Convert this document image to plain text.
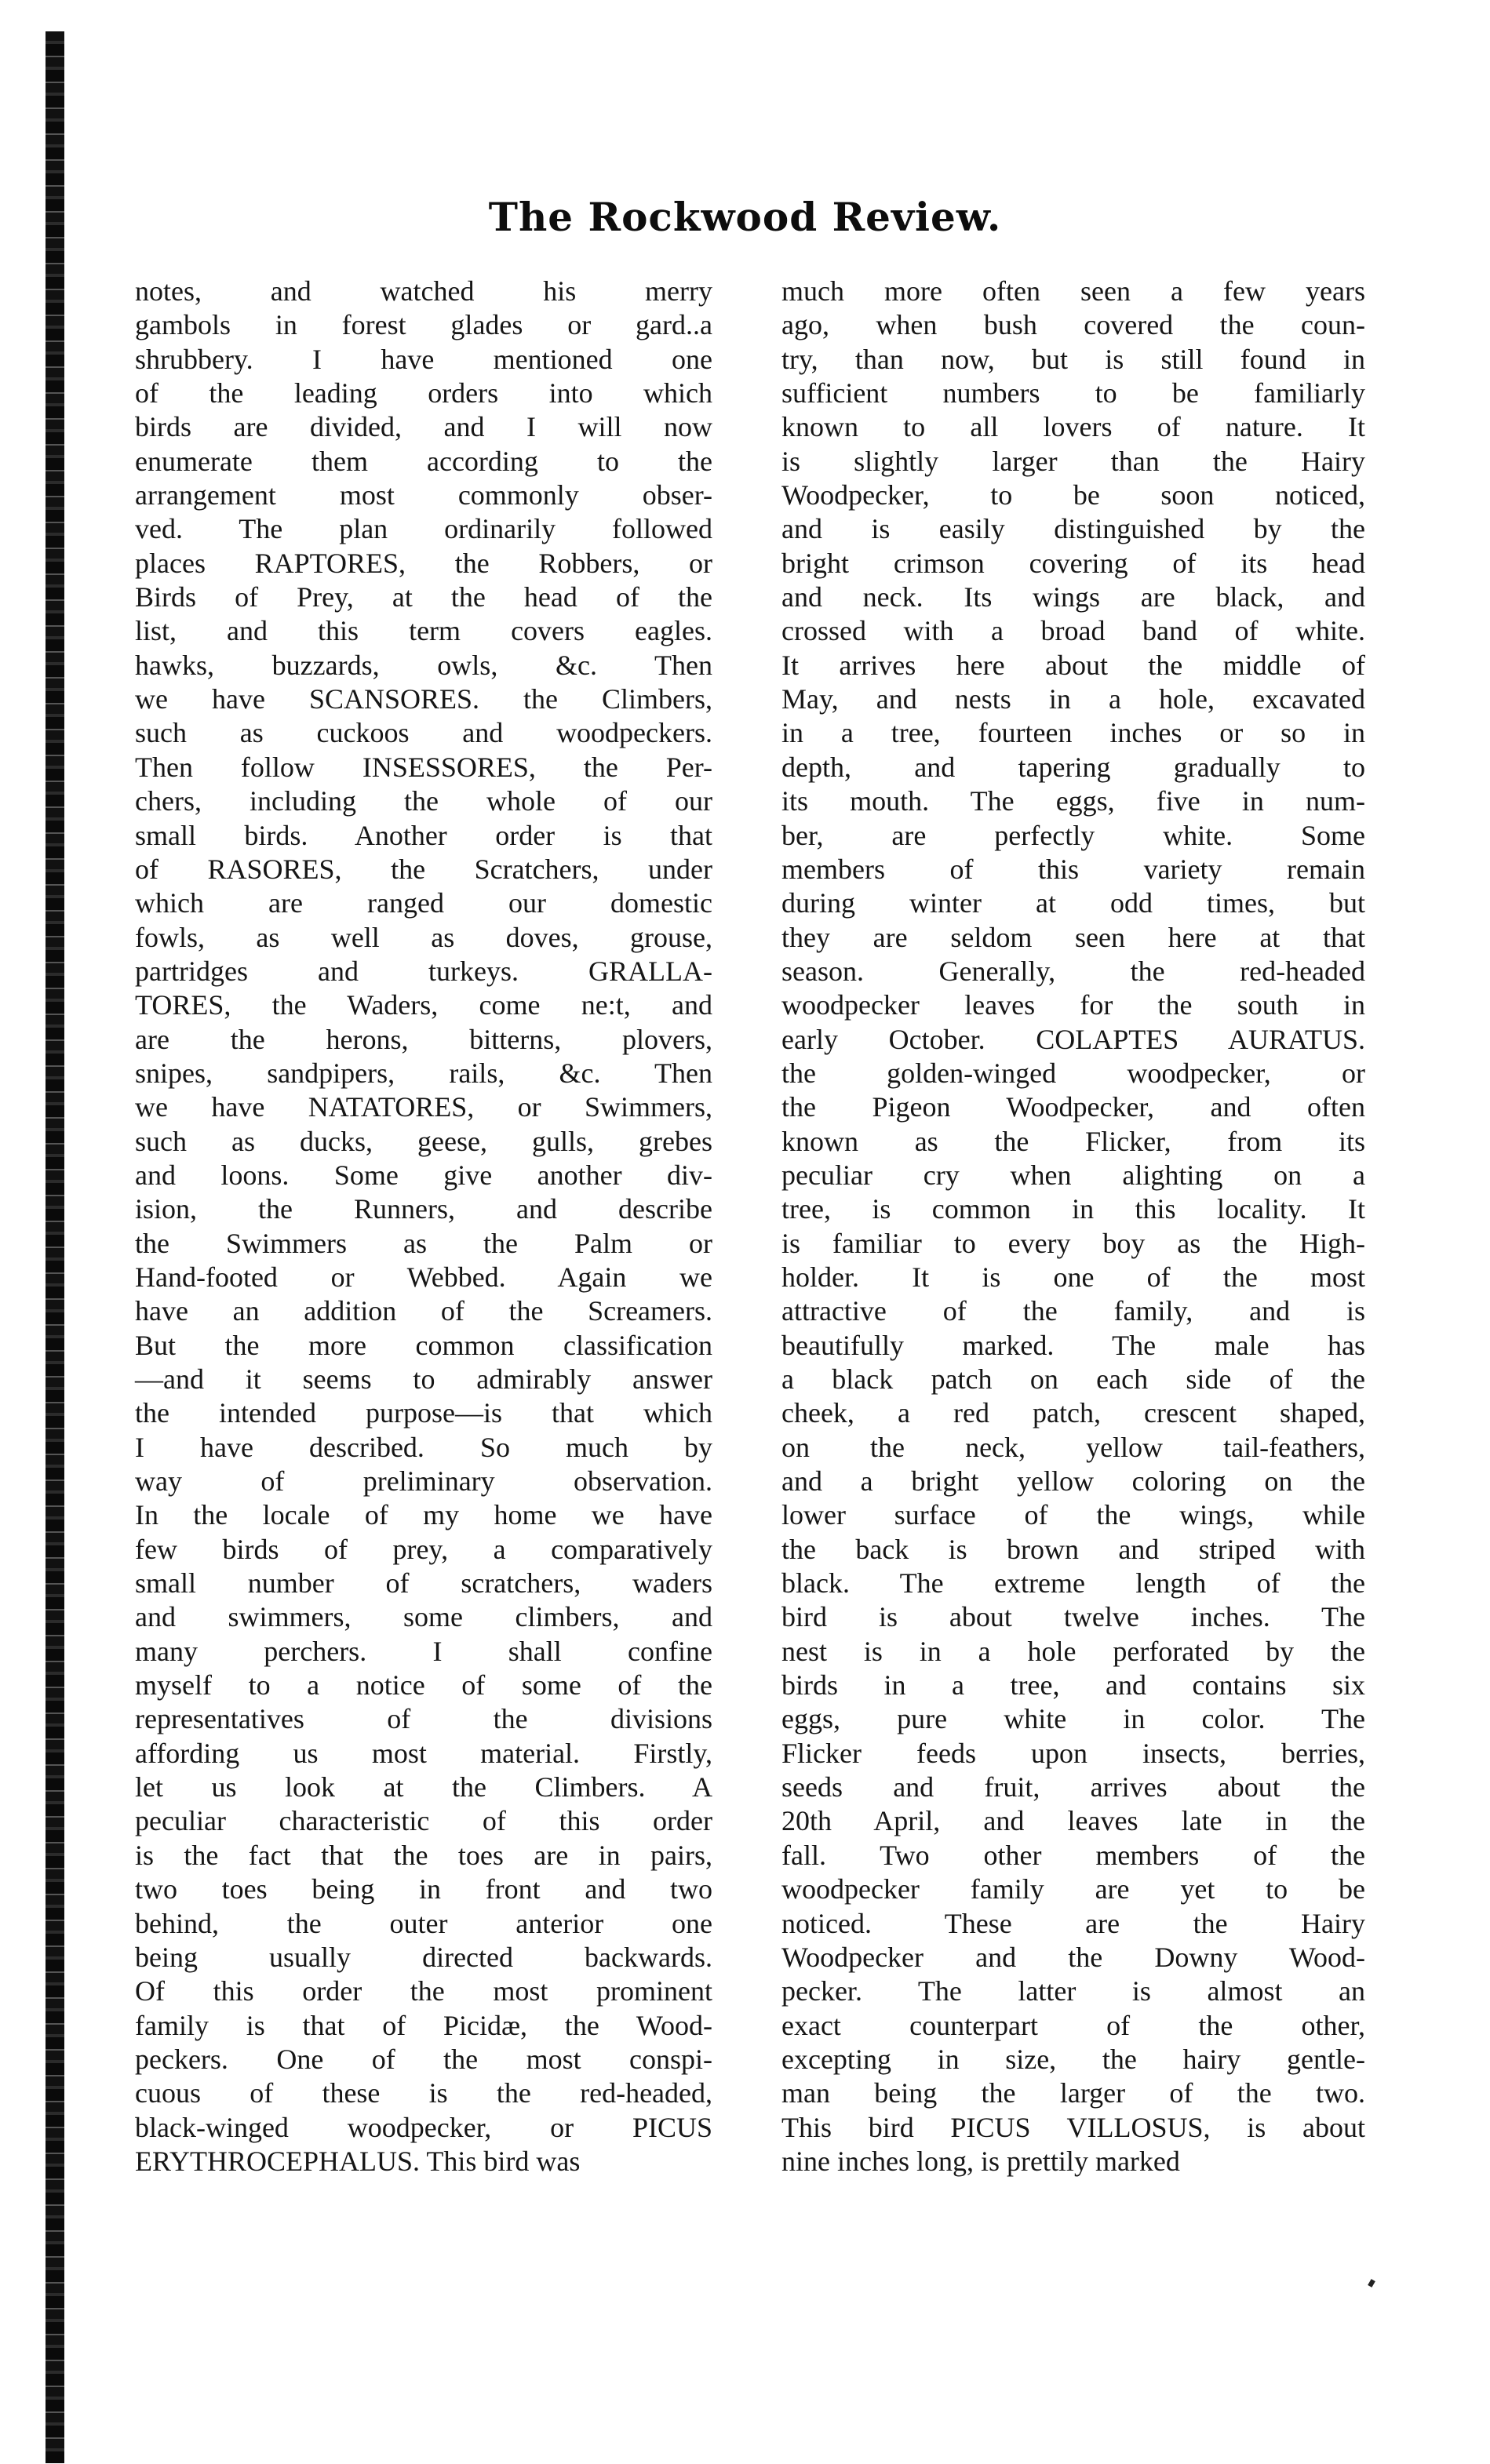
The Rockwood Review.
notes, and watched his merry
gambols in forest glades or gard..a
shrubbery. I have mentioned one
of the leading orders into which
birds are divided, and I will now
enumerate them according to the
arrangement most commonly obser-
ved. The plan ordinarily followed
places RAPTORES, the Robbers, or
Birds of Prey, at the head of the
list, and this term covers eagles.
hawks, buzzards, owls, &c. Then
we have SCANSORES. the Climbers,
such as cuckoos and woodpeckers.
Then follow INSESSORES, the Per-
chers, including the whole of our
small birds. Another order is that
of RASORES, the Scratchers, under
which are ranged our domestic
fowls, as well as doves, grouse,
partridges and turkeys. GRALLA-
TORES, the Waders, come ne:t, and
are the herons, bitterns, plovers,
snipes, sandpipers, rails, &c. Then
we have NATATORES, or Swimmers,
such as ducks, geese, gulls, grebes
and loons. Some give another div-
ision, the Runners, and describe
the Swimmers as the Palm or
Hand-footed or Webbed. Again we
have an addition of the Screamers.
But the more common classification
—and it seems to admirably answer
the intended purpose—is that which
I have described. So much by
way of preliminary observation.
In the locale of my home we have
few birds of prey, a comparatively
small number of scratchers, waders
and swimmers, some climbers, and
many perchers. I shall confine
myself to a notice of some of the
representatives of the divisions
affording us most material. Firstly,
let us look at the Climbers. A
peculiar characteristic of this order
is the fact that the toes are in pairs,
two toes being in front and two
behind, the outer anterior one
being usually directed backwards.
Of this order the most prominent
family is that of Picidæ, the Wood-
peckers. One of the most conspi-
cuous of these is the red-headed,
black-winged woodpecker, or PICUS
ERYTHROCEPHALUS. This bird was
much more often seen a few years
ago, when bush covered the coun-
try, than now, but is still found in
sufficient numbers to be familiarly
known to all lovers of nature. It
is slightly larger than the Hairy
Woodpecker, to be soon noticed,
and is easily distinguished by the
bright crimson covering of its head
and neck. Its wings are black, and
crossed with a broad band of white.
It arrives here about the middle of
May, and nests in a hole, excavated
in a tree, fourteen inches or so in
depth, and tapering gradually to
its mouth. The eggs, five in num-
ber, are perfectly white. Some
members of this variety remain
during winter at odd times, but
they are seldom seen here at that
season. Generally, the red-headed
woodpecker leaves for the south in
early October. COLAPTES AURATUS.
the golden-winged woodpecker, or
the Pigeon Woodpecker, and often
known as the Flicker, from its
peculiar cry when alighting on a
tree, is common in this locality. It
is familiar to every boy as the High-
holder. It is one of the most
attractive of the family, and is
beautifully marked. The male has
a black patch on each side of the
cheek, a red patch, crescent shaped,
on the neck, yellow tail-feathers,
and a bright yellow coloring on the
lower surface of the wings, while
the back is brown and striped with
black. The extreme length of the
bird is about twelve inches. The
nest is in a hole perforated by the
birds in a tree, and contains six
eggs, pure white in color. The
Flicker feeds upon insects, berries,
seeds and fruit, arrives about the
20th April, and leaves late in the
fall. Two other members of the
woodpecker family are yet to be
noticed. These are the Hairy
Woodpecker and the Downy Wood-
pecker. The latter is almost an
exact counterpart of the other,
excepting in size, the hairy gentle-
man being the larger of the two.
This bird PICUS VILLOSUS, is about
nine inches long, is prettily marked
